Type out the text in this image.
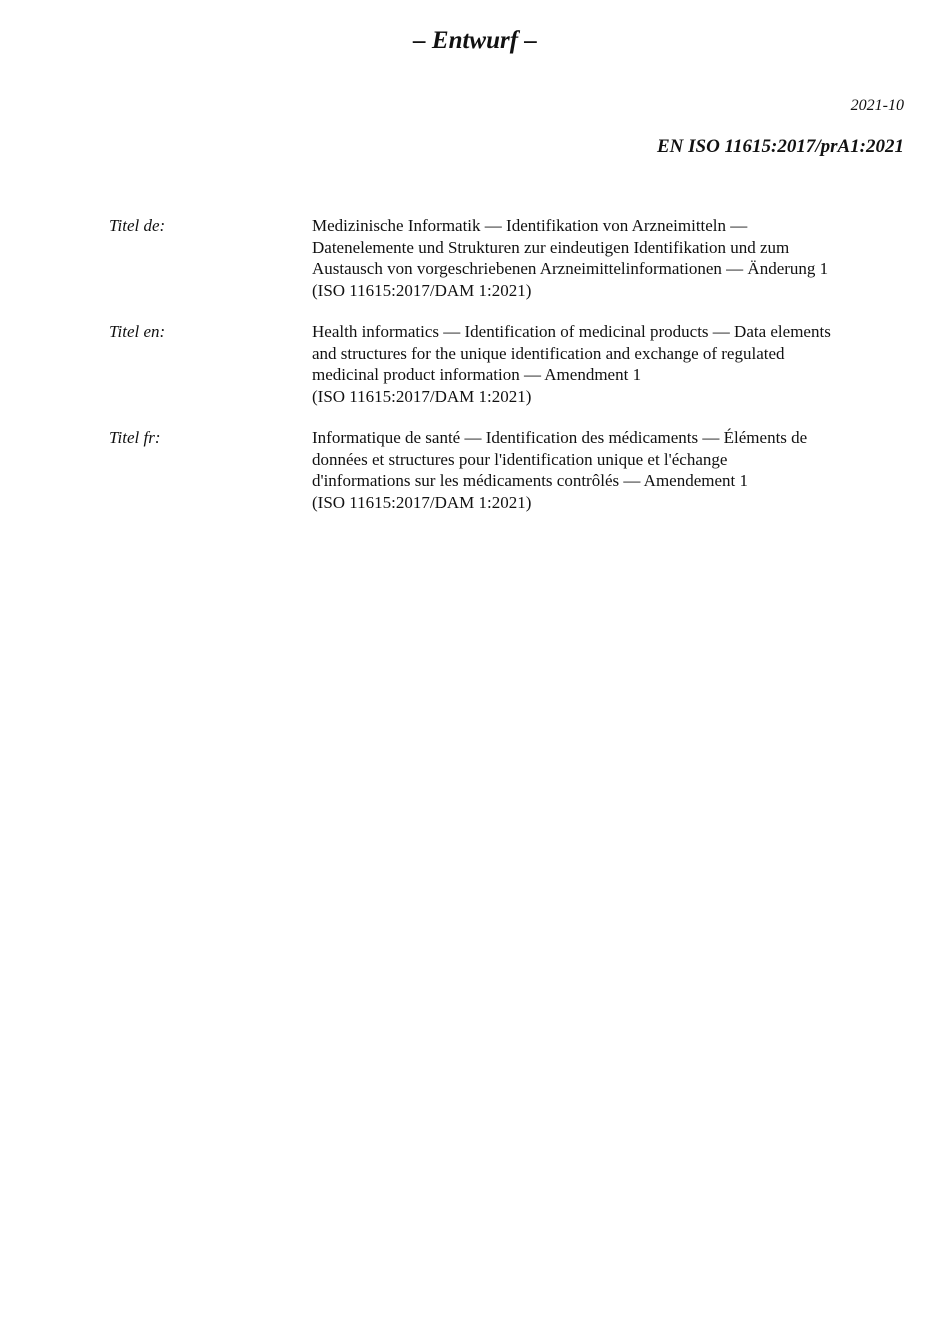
– Entwurf –
2021-10
EN ISO 11615:2017/prA1:2021
Titel de:	Medizinische Informatik — Identifikation von Arzneimitteln —
Datenelemente und Strukturen zur eindeutigen Identifikation und zum
Austausch von vorgeschriebenen Arzneimittelinformationen — Änderung 1
(ISO 11615:2017/DAM 1:2021)
Titel en:	Health informatics — Identification of medicinal products — Data elements
and structures for the unique identification and exchange of regulated
medicinal product information — Amendment 1
(ISO 11615:2017/DAM 1:2021)
Titel fr:	Informatique de santé — Identification des médicaments — Éléments de
données et structures pour l'identification unique et l'échange
d'informations sur les médicaments contrôlés — Amendement 1
(ISO 11615:2017/DAM 1:2021)
